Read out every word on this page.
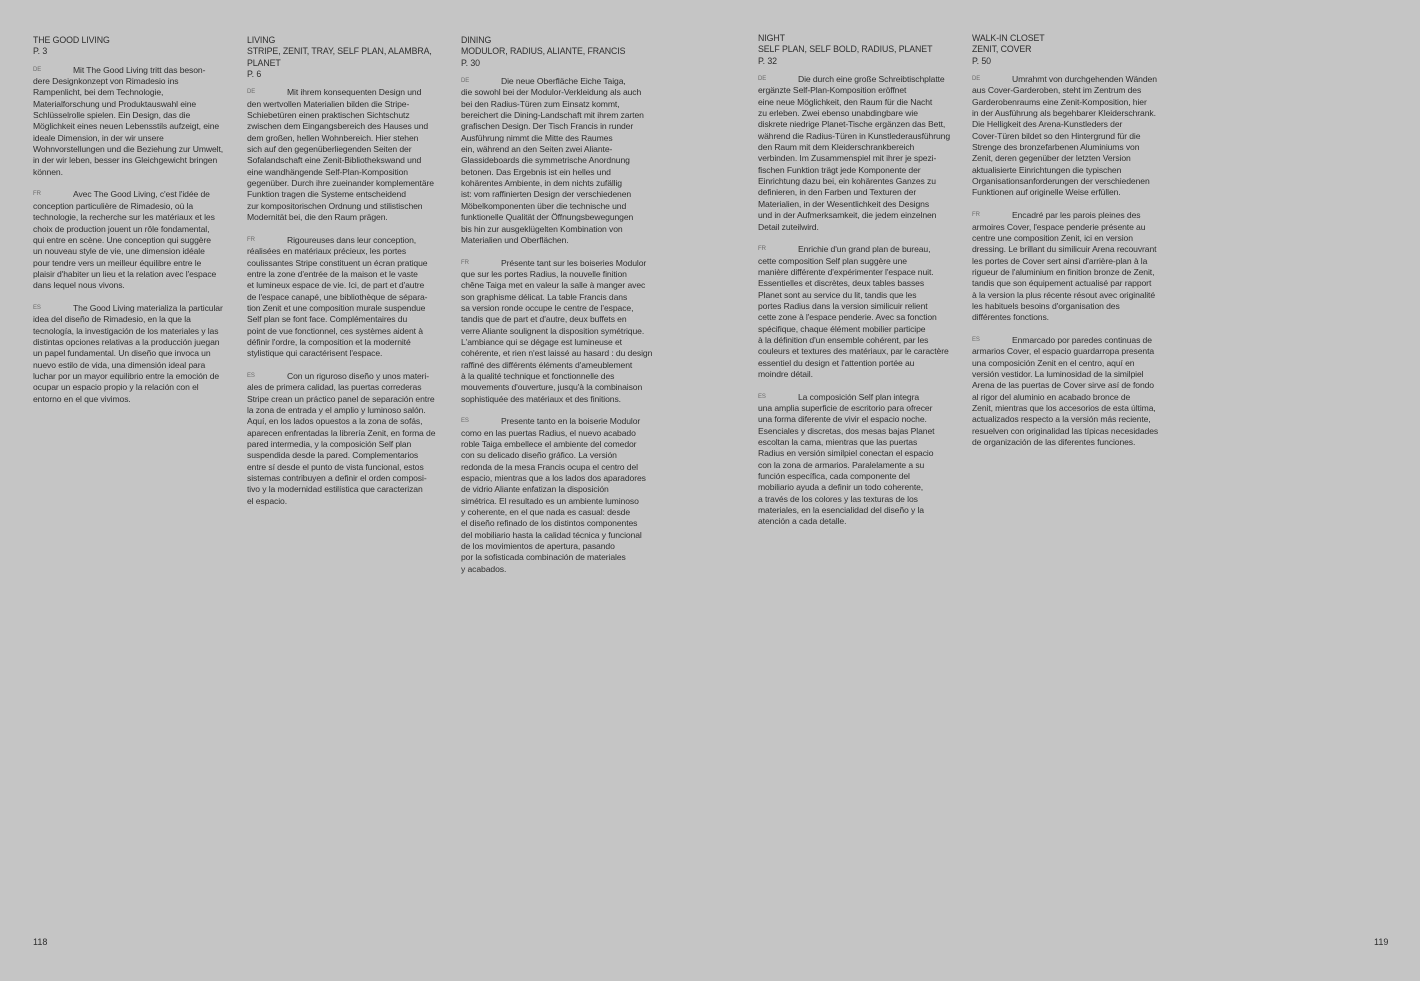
THE GOOD LIVING
P. 3

DE	Mit The Good Living tritt das beson-
dere Designkonzept von Rimadesio ins
Rampenlicht, bei dem Technologie,
Materialforschung und Produktauswahl eine
Schlüsselrolle spielen. Ein Design, das die
Möglichkeit eines neuen Lebensstils aufzeigt, eine
ideale Dimension, in der wir unsere
Wohnvorstellungen und die Beziehung zur Umwelt,
in der wir leben, besser ins Gleichgewicht bringen
können.

FR	Avec The Good Living, c'est l'idée de
conception particulière de Rimadesio, où la
technologie, la recherche sur les matériaux et les
choix de production jouent un rôle fondamental,
qui entre en scène. Une conception qui suggère
un nouveau style de vie, une dimension idéale
pour tendre vers un meilleur équilibre entre le
plaisir d'habiter un lieu et la relation avec l'espace
dans lequel nous vivons.

ES	The Good Living materializa la particular
idea del diseño de Rimadesio, en la que la
tecnología, la investigación de los materiales y las
distintas opciones relativas a la producción juegan
un papel fundamental. Un diseño que invoca un
nuevo estilo de vida, una dimensión ideal para
luchar por un mayor equilibrio entre la emoción de
ocupar un espacio propio y la relación con el
entorno en el que vivimos.

LIVING
STRIPE, ZENIT, TRAY, SELF PLAN, ALAMBRA,
PLANET
P. 6

DE	Mit ihrem konsequenten Design und
den wertvollen Materialien bilden die Stripe-
Schiebetüren einen praktischen Sichtschutz
zwischen dem Eingangsbereich des Hauses und
dem großen, hellen Wohnbereich. Hier stehen
sich auf den gegenüberliegenden Seiten der
Sofalandschaft eine Zenit-Bibliothekswand und
eine wandhängende Self-Plan-Komposition
gegenüber. Durch ihre zueinander komplementäre
Funktion tragen die Systeme entscheidend
zur kompositorischen Ordnung und stilistischen
Modernität bei, die den Raum prägen.

FR	Rigoureuses dans leur conception,
réalisées en matériaux précieux, les portes
coulissantes Stripe constituent un écran pratique
entre la zone d'entrée de la maison et le vaste
et lumineux espace de vie. Ici, de part et d'autre
de l'espace canapé, une bibliothèque de sépara-
tion Zenit et une composition murale suspendue
Self plan se font face. Complémentaires du
point de vue fonctionnel, ces systèmes aident à
définir l'ordre, la composition et la modernité
stylistique qui caractérisent l'espace.

ES	Con un riguroso diseño y unos materi-
ales de primera calidad, las puertas correderas
Stripe crean un práctico panel de separación entre
la zona de entrada y el amplio y luminoso salón.
Aquí, en los lados opuestos a la zona de sofás,
aparecen enfrentadas la librería Zenit, en forma de
pared intermedia, y la composición Self plan
suspendida desde la pared. Complementarios
entre sí desde el punto de vista funcional, estos
sistemas contribuyen a definir el orden composi-
tivo y la modernidad estilística que caracterizan
el espacio.

DINING
MODULOR, RADIUS, ALIANTE, FRANCIS
P. 30

DE	Die neue Oberfläche Eiche Taiga,
die sowohl bei der Modulor-Verkleidung als auch
bei den Radius-Türen zum Einsatz kommt,
bereichert die Dining-Landschaft mit ihrem zarten
grafischen Design. Der Tisch Francis in runder
Ausführung nimmt die Mitte des Raumes
ein, während an den Seiten zwei Aliante-
Glassideboards die symmetrische Anordnung
betonen. Das Ergebnis ist ein helles und
kohärentes Ambiente, in dem nichts zufällig
ist: vom raffinierten Design der verschiedenen
Möbelkomponenten über die technische und
funktionelle Qualität der Öffnungsbewegungen
bis hin zur ausgeklügelten Kombination von
Materialien und Oberflächen.

FR	Présente tant sur les boiseries Modulor
que sur les portes Radius, la nouvelle finition
chêne Taiga met en valeur la salle à manger avec
son graphisme délicat. La table Francis dans
sa version ronde occupe le centre de l'espace,
tandis que de part et d'autre, deux buffets en
verre Aliante soulignent la disposition symétrique.
L'ambiance qui se dégage est lumineuse et
cohérente, et rien n'est laissé au hasard : du design
raffiné des différents éléments d'ameublement
à la qualité technique et fonctionnelle des
mouvements d'ouverture, jusqu'à la combinaison
sophistiquée des matériaux et des finitions.

ES	Presente tanto en la boiserie Modulor
como en las puertas Radius, el nuevo acabado
roble Taiga embellece el ambiente del comedor
con su delicado diseño gráfico. La versión
redonda de la mesa Francis ocupa el centro del
espacio, mientras que a los lados dos aparadores
de vidrio Aliante enfatizan la disposición
simétrica. El resultado es un ambiente luminoso
y coherente, en el que nada es casual: desde
el diseño refinado de los distintos componentes
del mobiliario hasta la calidad técnica y funcional
de los movimientos de apertura, pasando
por la sofisticada combinación de materiales
y acabados.

NIGHT
SELF PLAN, SELF BOLD, RADIUS, PLANET
P. 32

DE	Die durch eine große Schreibtischplatte
ergänzte Self-Plan-Komposition eröffnet
eine neue Möglichkeit, den Raum für die Nacht
zu erleben. Zwei ebenso unabdingbare wie
diskrete niedrige Planet-Tische ergänzen das Bett,
während die Radius-Türen in Kunstlederausführung
den Raum mit dem Kleiderschrankbereich
verbinden. Im Zusammenspiel mit ihrer je spezi-
fischen Funktion trägt jede Komponente der
Einrichtung dazu bei, ein kohärentes Ganzes zu
definieren, in den Farben und Texturen der
Materialien, in der Wesentlichkeit des Designs
und in der Aufmerksamkeit, die jedem einzelnen
Detail zuteilwird.

FR	Enrichie d'un grand plan de bureau,
cette composition Self plan suggère une
manière différente d'expérimenter l'espace nuit.
Essentielles et discrètes, deux tables basses
Planet sont au service du lit, tandis que les
portes Radius dans la version similicuir relient
cette zone à l'espace penderie. Avec sa fonction
spécifique, chaque élément mobilier participe
à la définition d'un ensemble cohérent, par les
couleurs et textures des matériaux, par le caractère
essentiel du design et l'attention portée au
moindre détail.

ES	La composición Self plan integra
una amplia superficie de escritorio para ofrecer
una forma diferente de vivir el espacio noche.
Esenciales y discretas, dos mesas bajas Planet
escoltan la cama, mientras que las puertas
Radius en versión similpiel conectan el espacio
con la zona de armarios. Paralelamente a su
función específica, cada componente del
mobiliario ayuda a definir un todo coherente,
a través de los colores y las texturas de los
materiales, en la esencialidad del diseño y la
atención a cada detalle.

WALK-IN CLOSET
ZENIT, COVER
P. 50

DE	Umrahmt von durchgehenden Wänden
aus Cover-Garderoben, steht im Zentrum des
Garderobenraums eine Zenit-Komposition, hier
in der Ausführung als begehbarer Kleiderschrank.
Die Helligkeit des Arena-Kunstleders der
Cover-Türen bildet so den Hintergrund für die
Strenge des bronzefarbenen Aluminiums von
Zenit, deren gegenüber der letzten Version
aktualisierte Einrichtungen die typischen
Organisationsanforderungen der verschiedenen
Funktionen auf originelle Weise erfüllen.

FR	Encadré par les parois pleines des
armoires Cover, l'espace penderie présente au
centre une composition Zenit, ici en version
dressing. Le brillant du similicuir Arena recouvrant
les portes de Cover sert ainsi d'arrière-plan à la
rigueur de l'aluminium en finition bronze de Zenit,
tandis que son équipement actualisé par rapport
à la version la plus récente résout avec originalité
les habituels besoins d'organisation des
différentes fonctions.

ES	Enmarcado por paredes continuas de
armarios Cover, el espacio guardarropa presenta
una composición Zenit en el centro, aquí en
versión vestidor. La luminosidad de la similpiel
Arena de las puertas de Cover sirve así de fondo
al rigor del aluminio en acabado bronce de
Zenit, mientras que los accesorios de esta última,
actualizados respecto a la versión más reciente,
resuelven con originalidad las típicas necesidades
de organización de las diferentes funciones.

118	119
